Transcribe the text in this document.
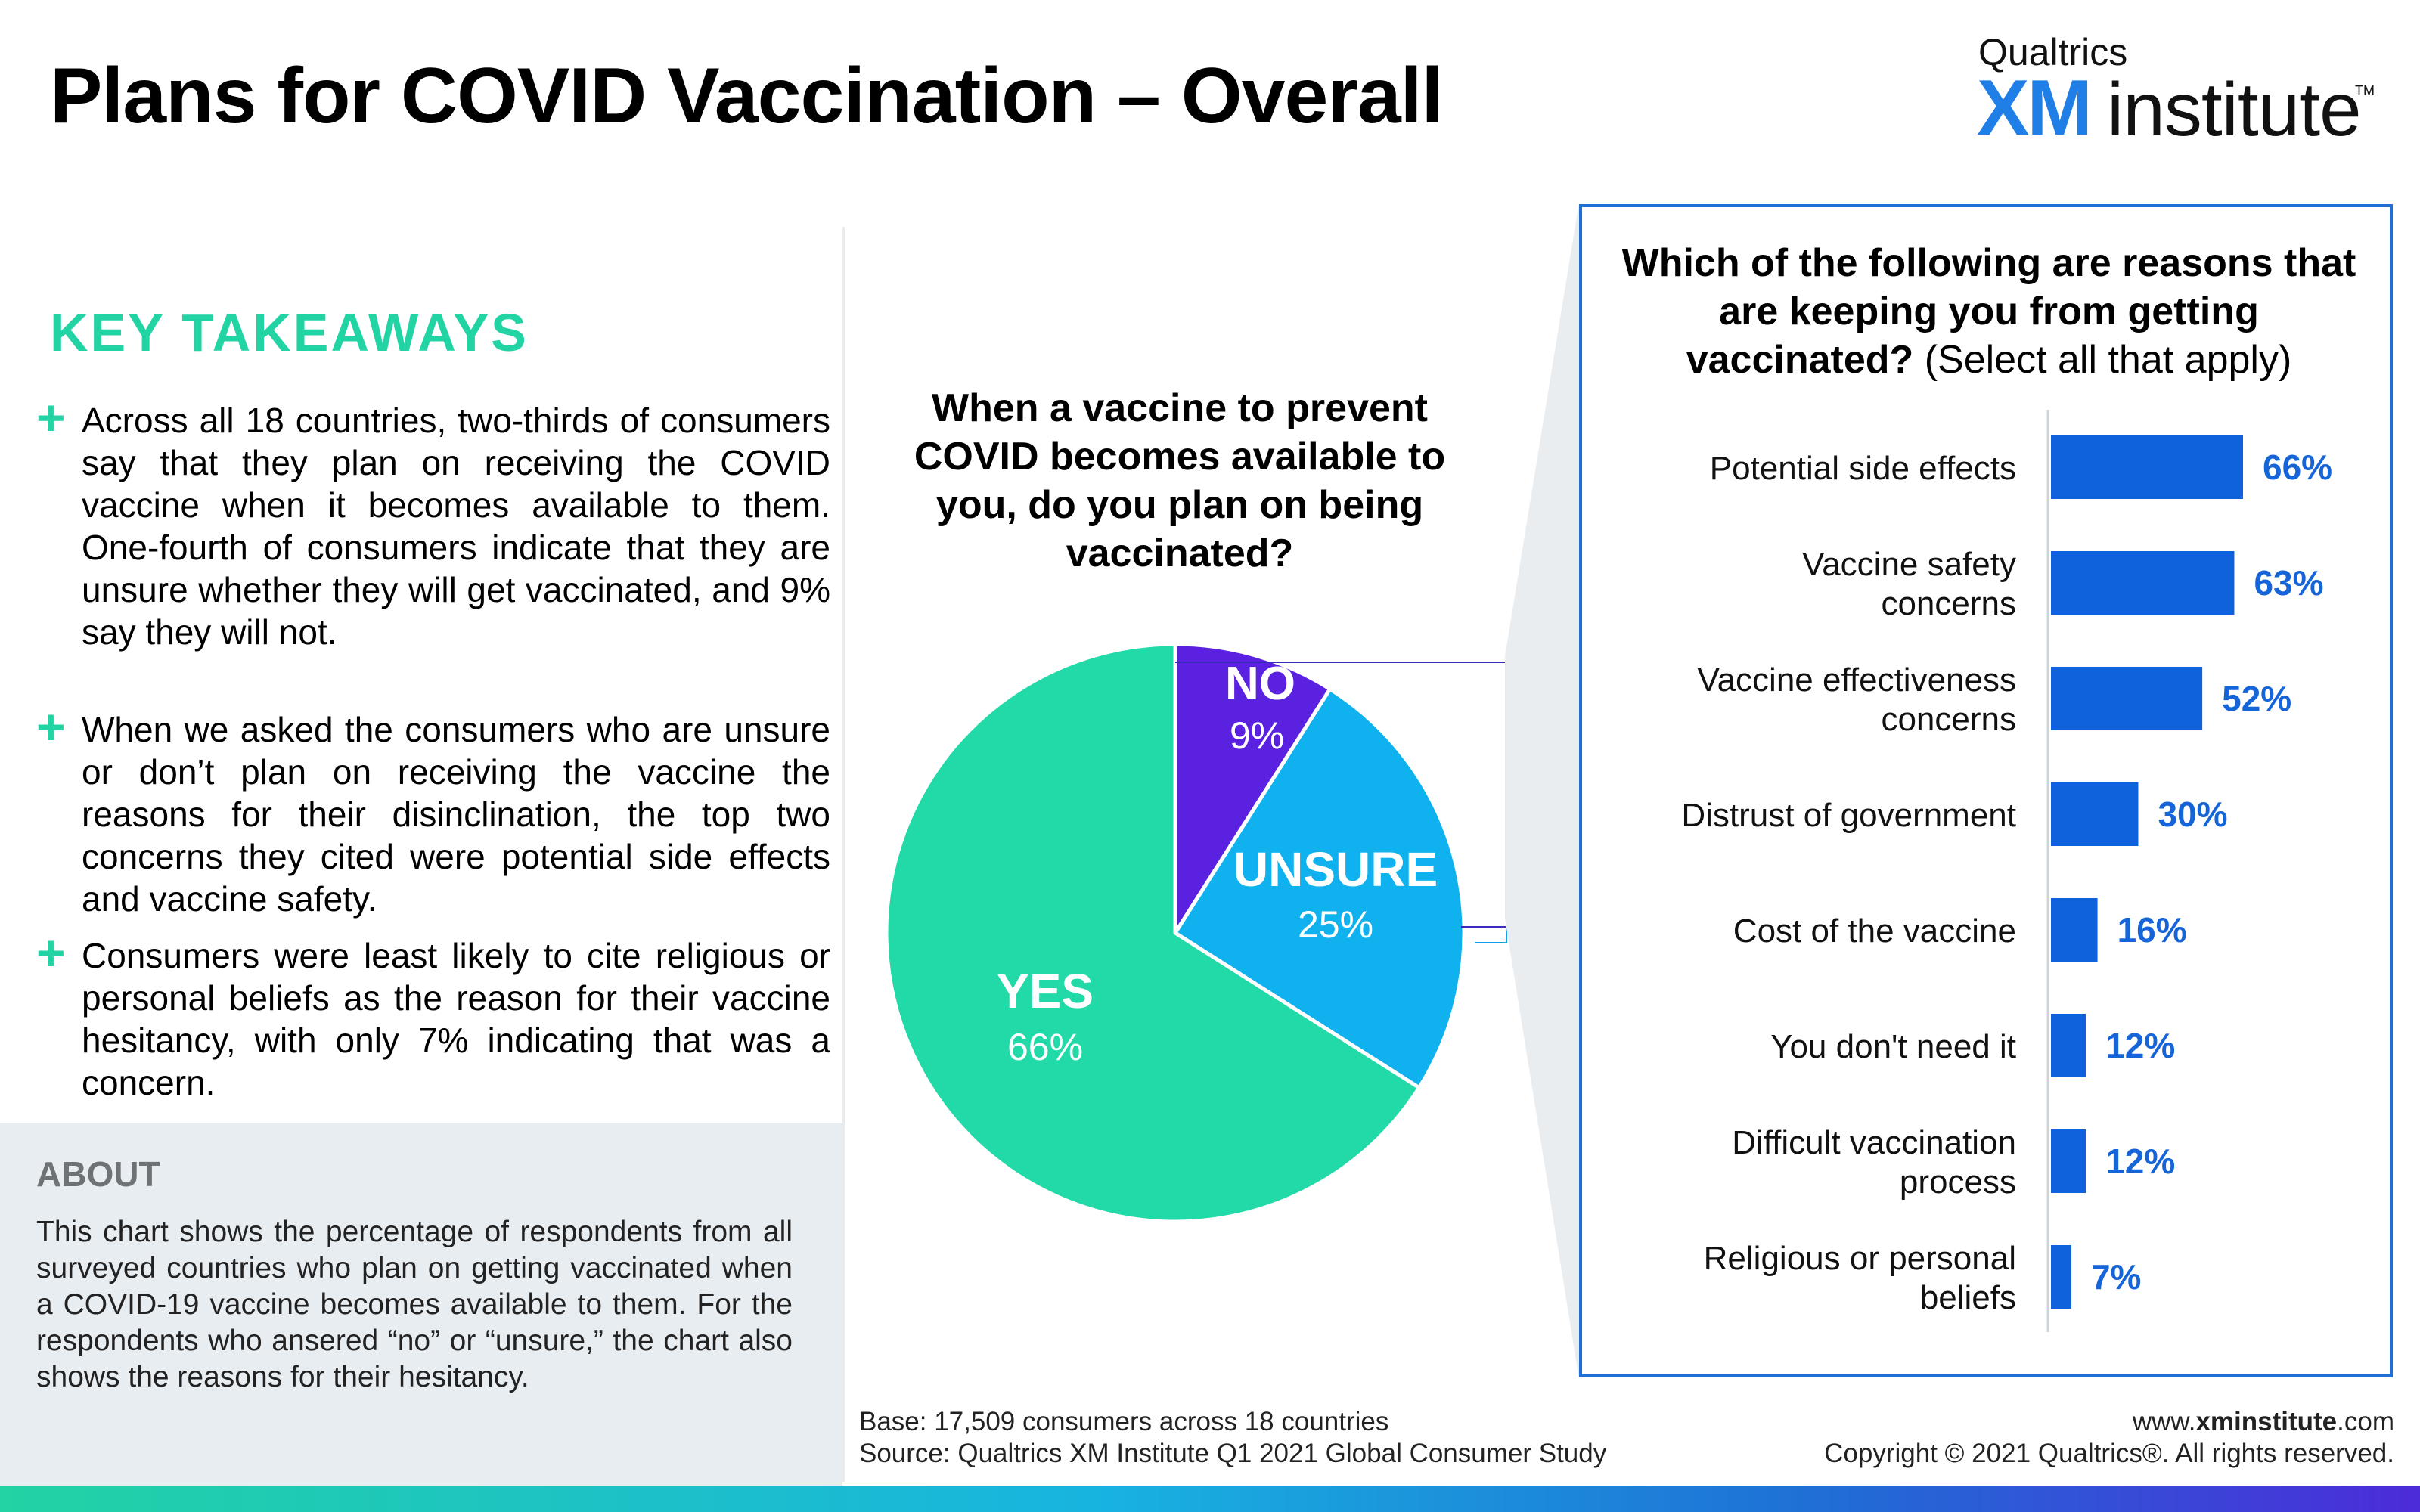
Plans for COVID Vaccination – Overall	Qualtrics
XM institute
TM
KEY TAKEAWAYS
+ Across all 18 countries, two-thirds of consumers say that they plan on receiving the COVID vaccine when it becomes available to them. One-fourth of consumers indicate that they are unsure whether they will get vaccinated, and 9% say they will not.
+ When we asked the consumers who are unsure or don’t plan on receiving the vaccine the reasons for their disinclination, the top two concerns they cited were potential side effects and vaccine safety.
+ Consumers were least likely to cite religious or personal beliefs as the reason for their vaccine hesitancy, with only 7% indicating that was a concern.
ABOUT
This chart shows the percentage of respondents from all surveyed countries who plan on getting vaccinated when a COVID-19 vaccine becomes available to them. For the respondents who ansered “no” or “unsure,” the chart also shows the reasons for their hesitancy.
When a vaccine to prevent COVID becomes available to you, do you plan on being vaccinated?
NO
9%
UNSURE
25%
YES
66%
Which of the following are reasons that are keeping you from getting vaccinated? (Select all that apply)
66%
Potential side effects
63%
Vaccine safety
concerns
52%
Vaccine effectiveness
concerns
30%
Distrust of government
16%
Cost of the vaccine
12%
You don't need it
12%
Difficult vaccination
process
7%
Religious or personal
beliefs
Base: 17,509 consumers across 18 countries
Source: Qualtrics XM Institute Q1 2021 Global Consumer Study
www.xminstitute.com
Copyright © 2021 Qualtrics®. All rights reserved.
